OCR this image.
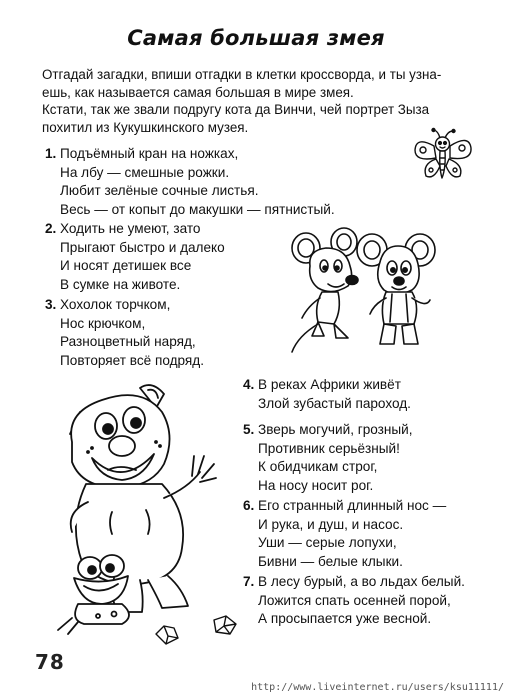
Самая большая змея

Отгадай загадки, впиши отгадки в клетки кроссворда, и ты узна-

ешь, как называется самая большая в мире змея.

Кстати, так же звали подругу кота да Винчи, чей портрет Зыза

похитил из Кукушкинского музея.

1. Подъёмный кран на ножках,
На лбу — смешные рожки.
Любит зелёные сочные листья.
Весь — от копыт до макушки — пятнистый.
2. Ходить не умеют, зато
Прыгают быстро и далеко
И носят детишек все
В сумке на животе.
3. Хохолок торчком,
Нос крючком,
Разноцветный наряд,
Повторяет всё подряд.
4. В реках Африки живёт
Злой зубастый пароход.
5. Зверь могучий, грозный,
Противник серьёзный!
К обидчикам строг,
На носу носит рог.
6. Его странный длинный нос —
И рука, и душ, и насос.
Уши — серые лопухи,
Бивни — белые клыки.
7. В лесу бурый, а во льдах белый.
Ложится спать осенней порой,
А просыпается уже весной.
78
http://www.liveinternet.ru/users/ksu11111/
